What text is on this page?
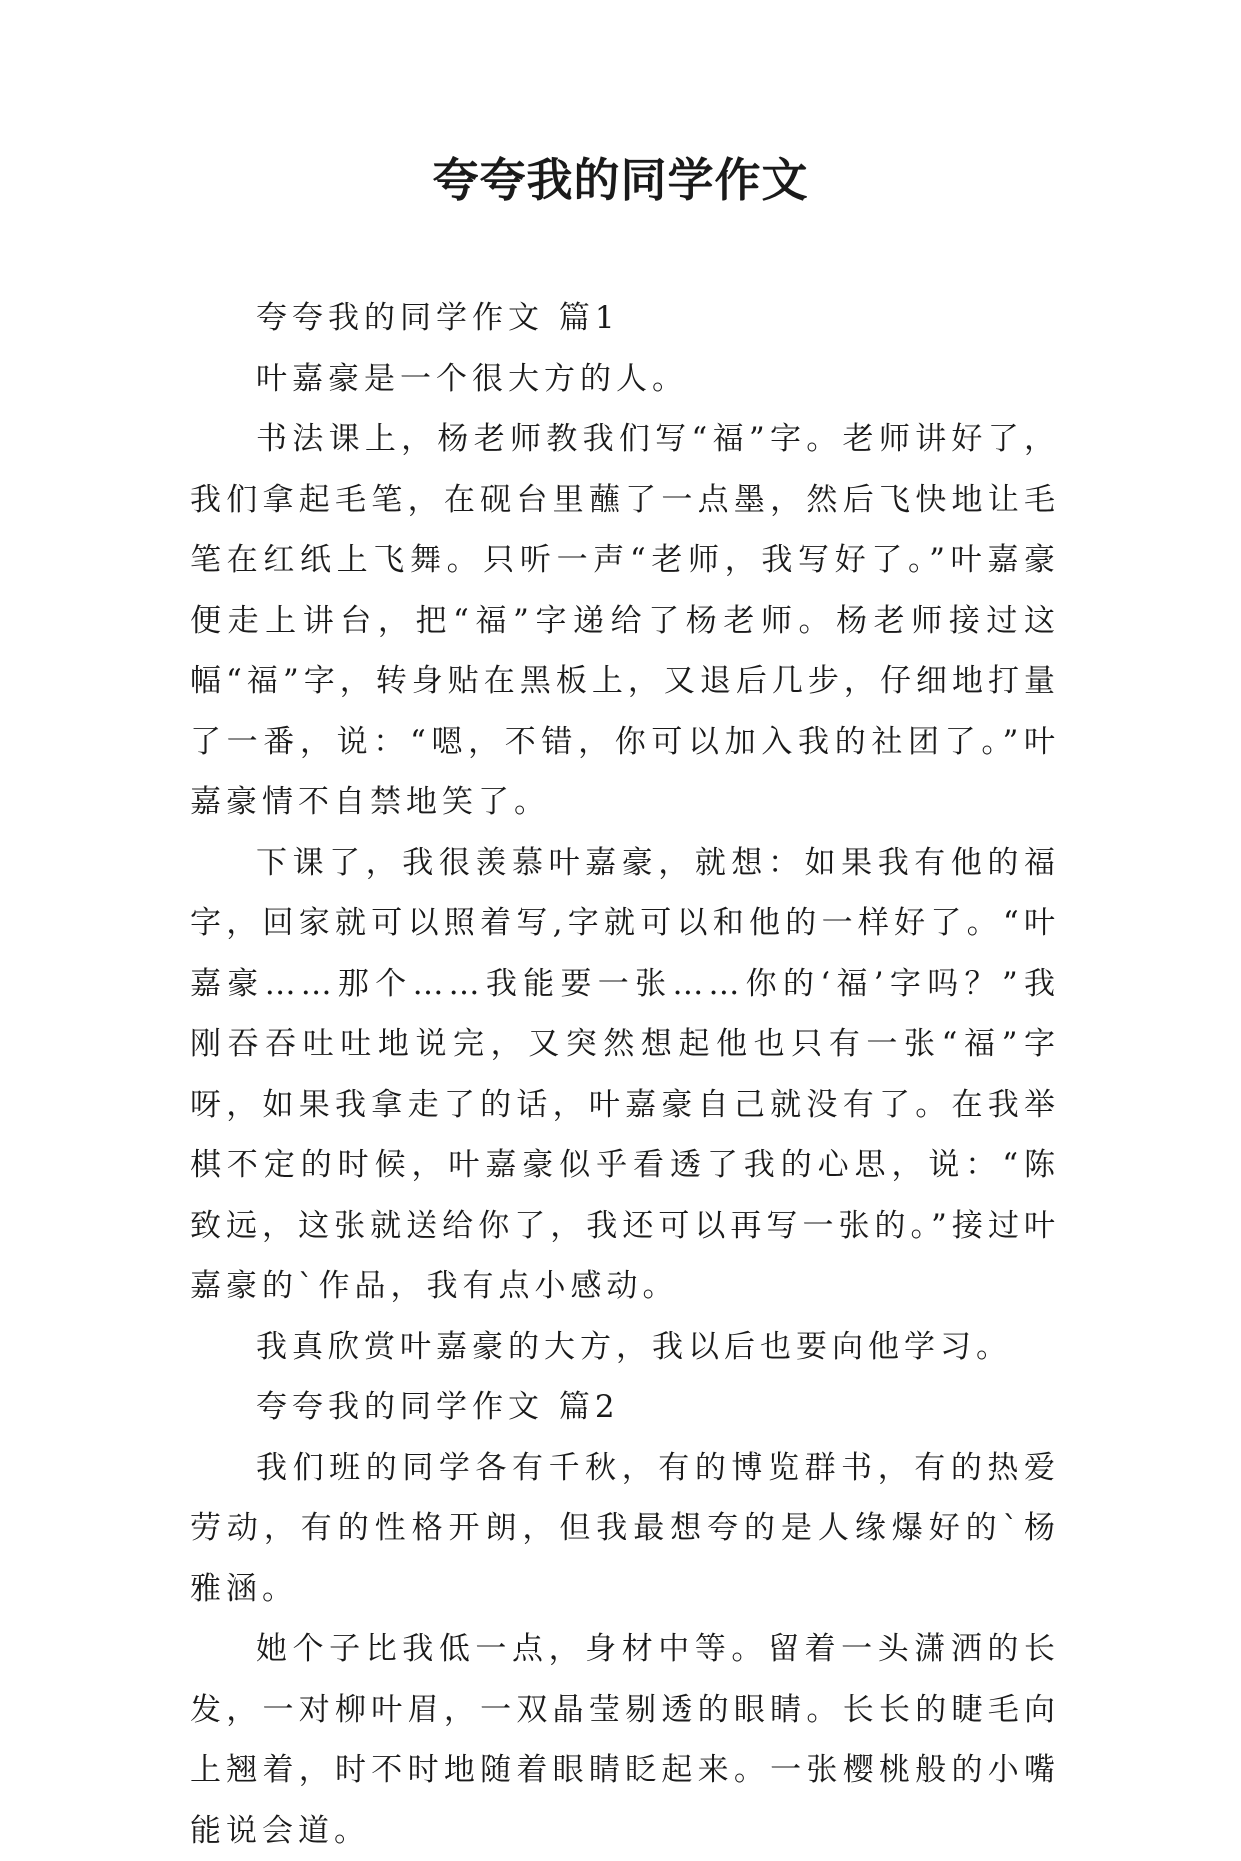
夸夸我的同学作文

夸夸我的同学作文 篇1

叶嘉豪是一个很大方的人。

书法课上，杨老师教我们写“福”字。老师讲好了，我们拿起毛笔，在砚台里蘸了一点墨，然后飞快地让毛笔在红纸上飞舞。只听一声“老师，我写好了。”叶嘉豪便走上讲台，把“福”字递给了杨老师。杨老师接过这幅“福”字，转身贴在黑板上，又退后几步，仔细地打量了一番，说：“嗯，不错，你可以加入我的社团了。”叶嘉豪情不自禁地笑了。

下课了，我很羡慕叶嘉豪，就想：如果我有他的福字，回家就可以照着写,字就可以和他的一样好了。“叶嘉豪……那个……我能要一张……你的‘福’字吗？”我刚吞吞吐吐地说完，又突然想起他也只有一张“福”字呀，如果我拿走了的话，叶嘉豪自己就没有了。在我举棋不定的时候，叶嘉豪似乎看透了我的心思，说：“陈致远，这张就送给你了，我还可以再写一张的。”接过叶嘉豪的`作品，我有点小感动。

我真欣赏叶嘉豪的大方，我以后也要向他学习。

夸夸我的同学作文 篇2

我们班的同学各有千秋，有的博览群书，有的热爱劳动，有的性格开朗，但我最想夸的是人缘爆好的`杨雅涵。

她个子比我低一点，身材中等。留着一头潇洒的长发，一对柳叶眉，一双晶莹剔透的眼睛。长长的睫毛向上翘着，时不时地随着眼睛眨起来。一张樱桃般的小嘴能说会道。
